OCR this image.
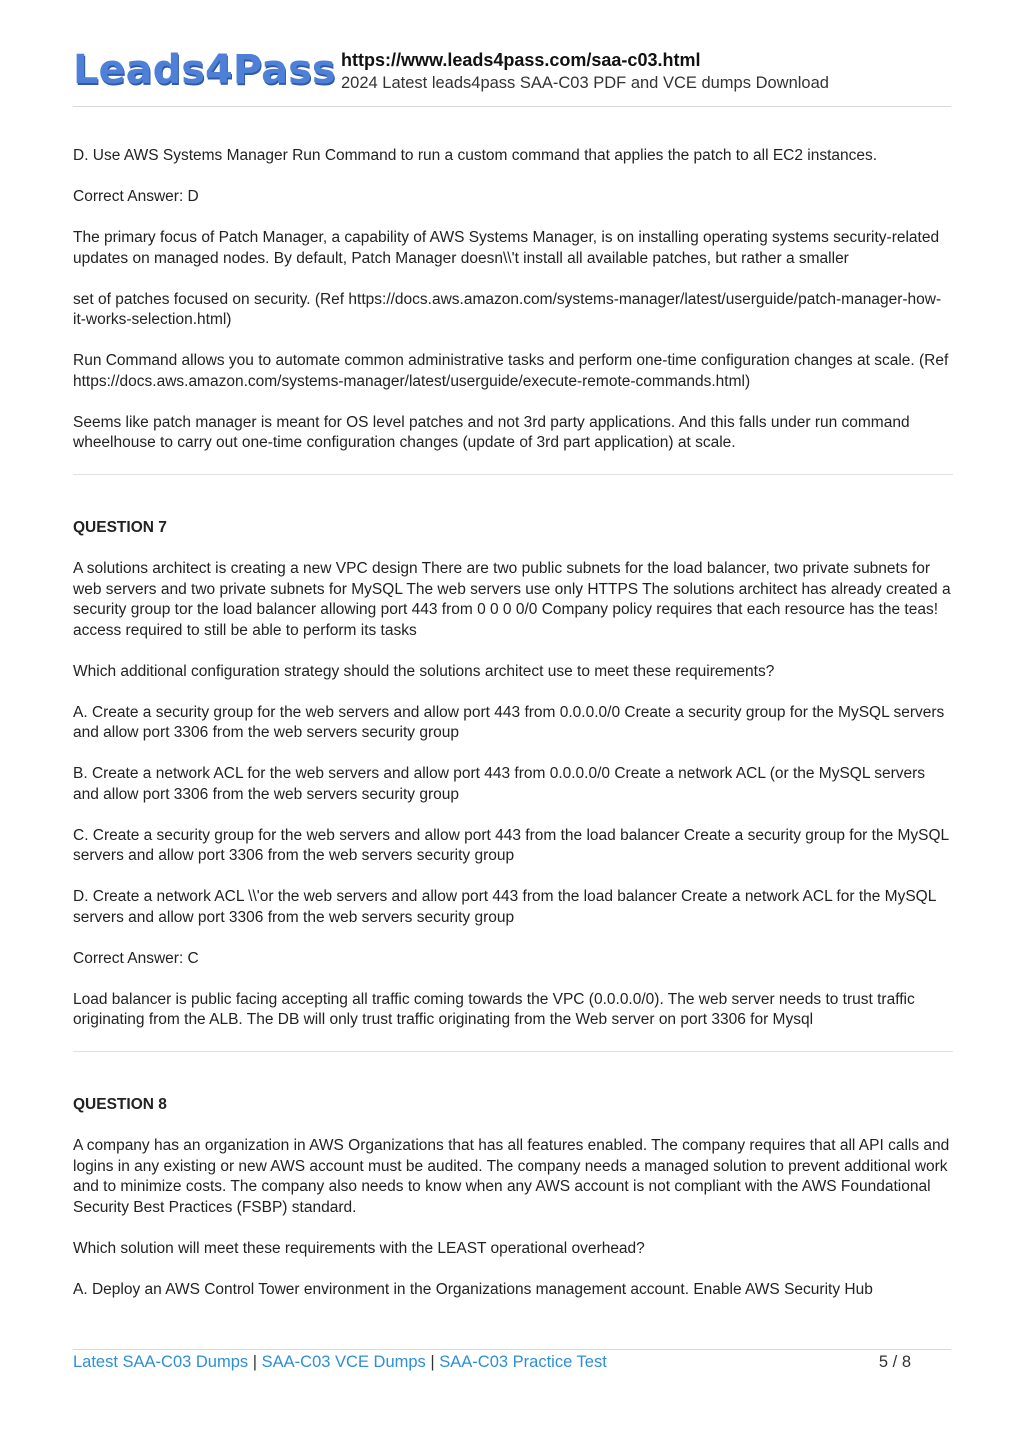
Leads4Pass https://www.leads4pass.com/saa-c03.html
2024 Latest leads4pass SAA-C03 PDF and VCE dumps Download

D. Use AWS Systems Manager Run Command to run a custom command that applies the patch to all EC2 instances.

Correct Answer: D

The primary focus of Patch Manager, a capability of AWS Systems Manager, is on installing operating systems security-related updates on managed nodes. By default, Patch Manager doesn\\'t install all available patches, but rather a smaller

set of patches focused on security. (Ref https://docs.aws.amazon.com/systems-manager/latest/userguide/patch-manager-how-it-works-selection.html)

Run Command allows you to automate common administrative tasks and perform one-time configuration changes at scale. (Ref https://docs.aws.amazon.com/systems-manager/latest/userguide/execute-remote-commands.html)

Seems like patch manager is meant for OS level patches and not 3rd party applications. And this falls under run command wheelhouse to carry out one-time configuration changes (update of 3rd part application) at scale.

QUESTION 7

A solutions architect is creating a new VPC design There are two public subnets for the load balancer, two private subnets for web servers and two private subnets for MySQL The web servers use only HTTPS The solutions architect has already created a security group tor the load balancer allowing port 443 from 0 0 0 0/0 Company policy requires that each resource has the teas! access required to still be able to perform its tasks

Which additional configuration strategy should the solutions architect use to meet these requirements?

A. Create a security group for the web servers and allow port 443 from 0.0.0.0/0 Create a security group for the MySQL servers and allow port 3306 from the web servers security group

B. Create a network ACL for the web servers and allow port 443 from 0.0.0.0/0 Create a network ACL (or the MySQL servers and allow port 3306 from the web servers security group

C. Create a security group for the web servers and allow port 443 from the load balancer Create a security group for the MySQL servers and allow port 3306 from the web servers security group

D. Create a network ACL \\'or the web servers and allow port 443 from the load balancer Create a network ACL for the MySQL servers and allow port 3306 from the web servers security group

Correct Answer: C

Load balancer is public facing accepting all traffic coming towards the VPC (0.0.0.0/0). The web server needs to trust traffic originating from the ALB. The DB will only trust traffic originating from the Web server on port 3306 for Mysql

QUESTION 8

A company has an organization in AWS Organizations that has all features enabled. The company requires that all API calls and logins in any existing or new AWS account must be audited. The company needs a managed solution to prevent additional work and to minimize costs. The company also needs to know when any AWS account is not compliant with the AWS Foundational Security Best Practices (FSBP) standard.

Which solution will meet these requirements with the LEAST operational overhead?

A. Deploy an AWS Control Tower environment in the Organizations management account. Enable AWS Security Hub

Latest SAA-C03 Dumps | SAA-C03 VCE Dumps | SAA-C03 Practice Test	5 / 8
